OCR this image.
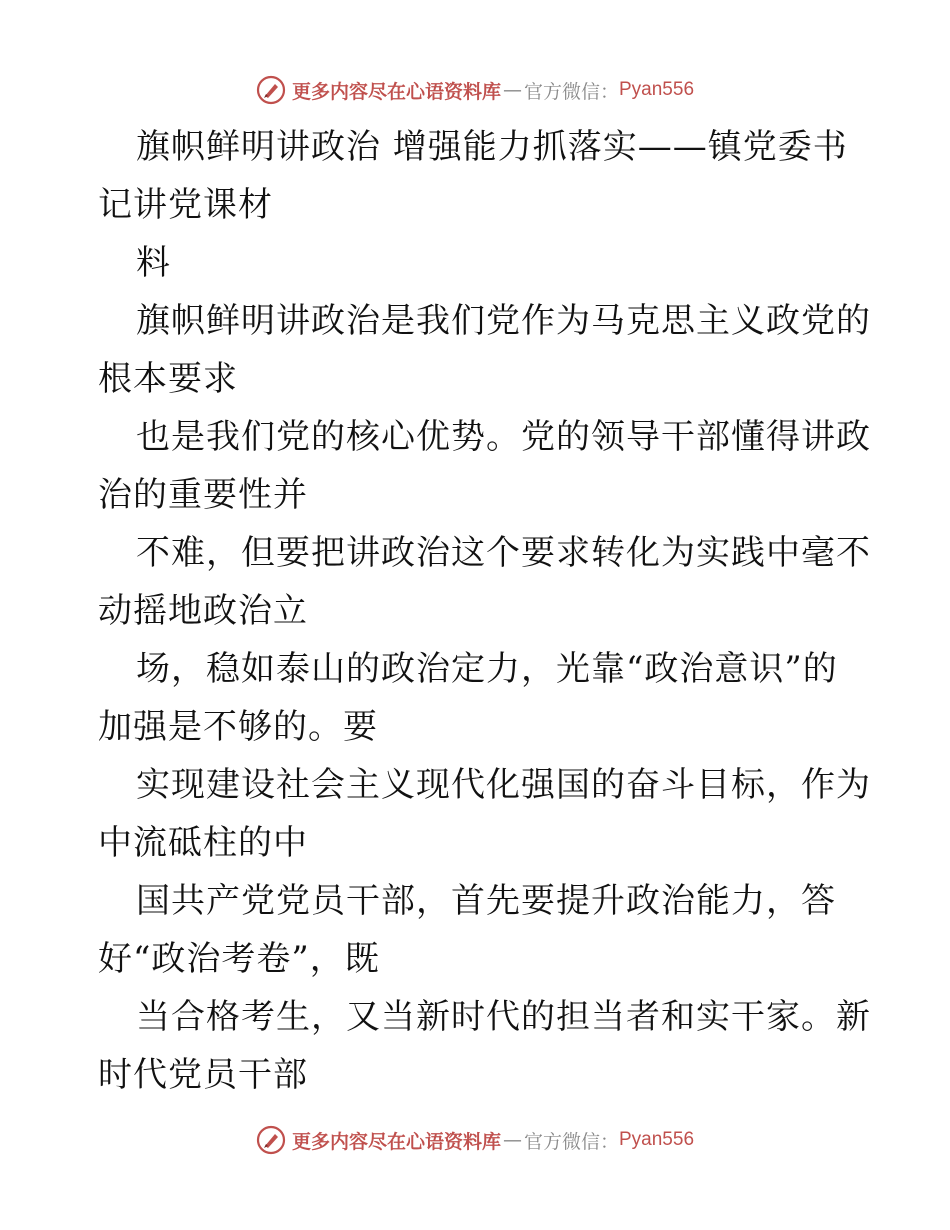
更多内容尽在心语资料库 — 官方微信： Pyan556
旗帜鲜明讲政治 增强能力抓落实——镇党委书
记讲党课材
料
旗帜鲜明讲政治是我们党作为马克思主义政党的
根本要求
也是我们党的核心优势。党的领导干部懂得讲政
治的重要性并
不难，但要把讲政治这个要求转化为实践中毫不
动摇地政治立
场，稳如泰山的政治定力，光靠“政治意识”的
加强是不够的。要
实现建设社会主义现代化强国的奋斗目标，作为
中流砥柱的中
国共产党党员干部，首先要提升政治能力，答
好“政治考卷”，既
当合格考生，又当新时代的担当者和实干家。新
时代党员干部
更多内容尽在心语资料库 — 官方微信： Pyan556
